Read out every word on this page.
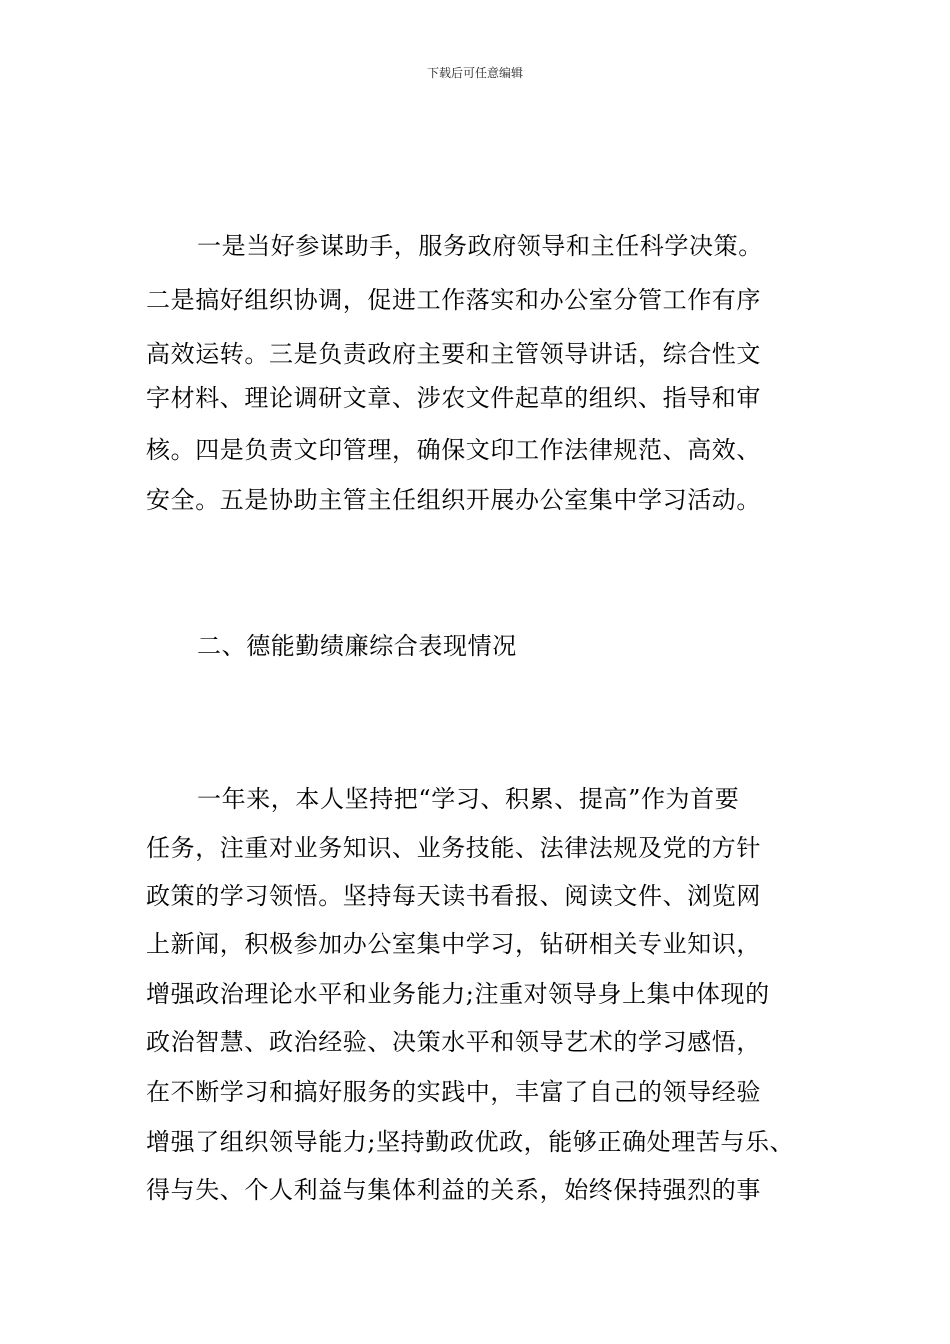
下载后可任意编辑
一是当好参谋助手，服务政府领导和主任科学决策。
二是搞好组织协调，促进工作落实和办公室分管工作有序
高效运转。三是负责政府主要和主管领导讲话，综合性文
字材料、理论调研文章、涉农文件起草的组织、指导和审
核。四是负责文印管理，确保文印工作法律规范、高效、
安全。五是协助主管主任组织开展办公室集中学习活动。
二、德能勤绩廉综合表现情况
一年来，本人坚持把“学习、积累、提高”作为首要
任务，注重对业务知识、业务技能、法律法规及党的方针
政策的学习领悟。坚持每天读书看报、阅读文件、浏览网
上新闻，积极参加办公室集中学习，钻研相关专业知识，
增强政治理论水平和业务能力;注重对领导身上集中体现的
政治智慧、政治经验、决策水平和领导艺术的学习感悟，
在不断学习和搞好服务的实践中，丰富了自己的领导经验
增强了组织领导能力;坚持勤政优政，能够正确处理苦与乐、
得与失、个人利益与集体利益的关系，始终保持强烈的事
